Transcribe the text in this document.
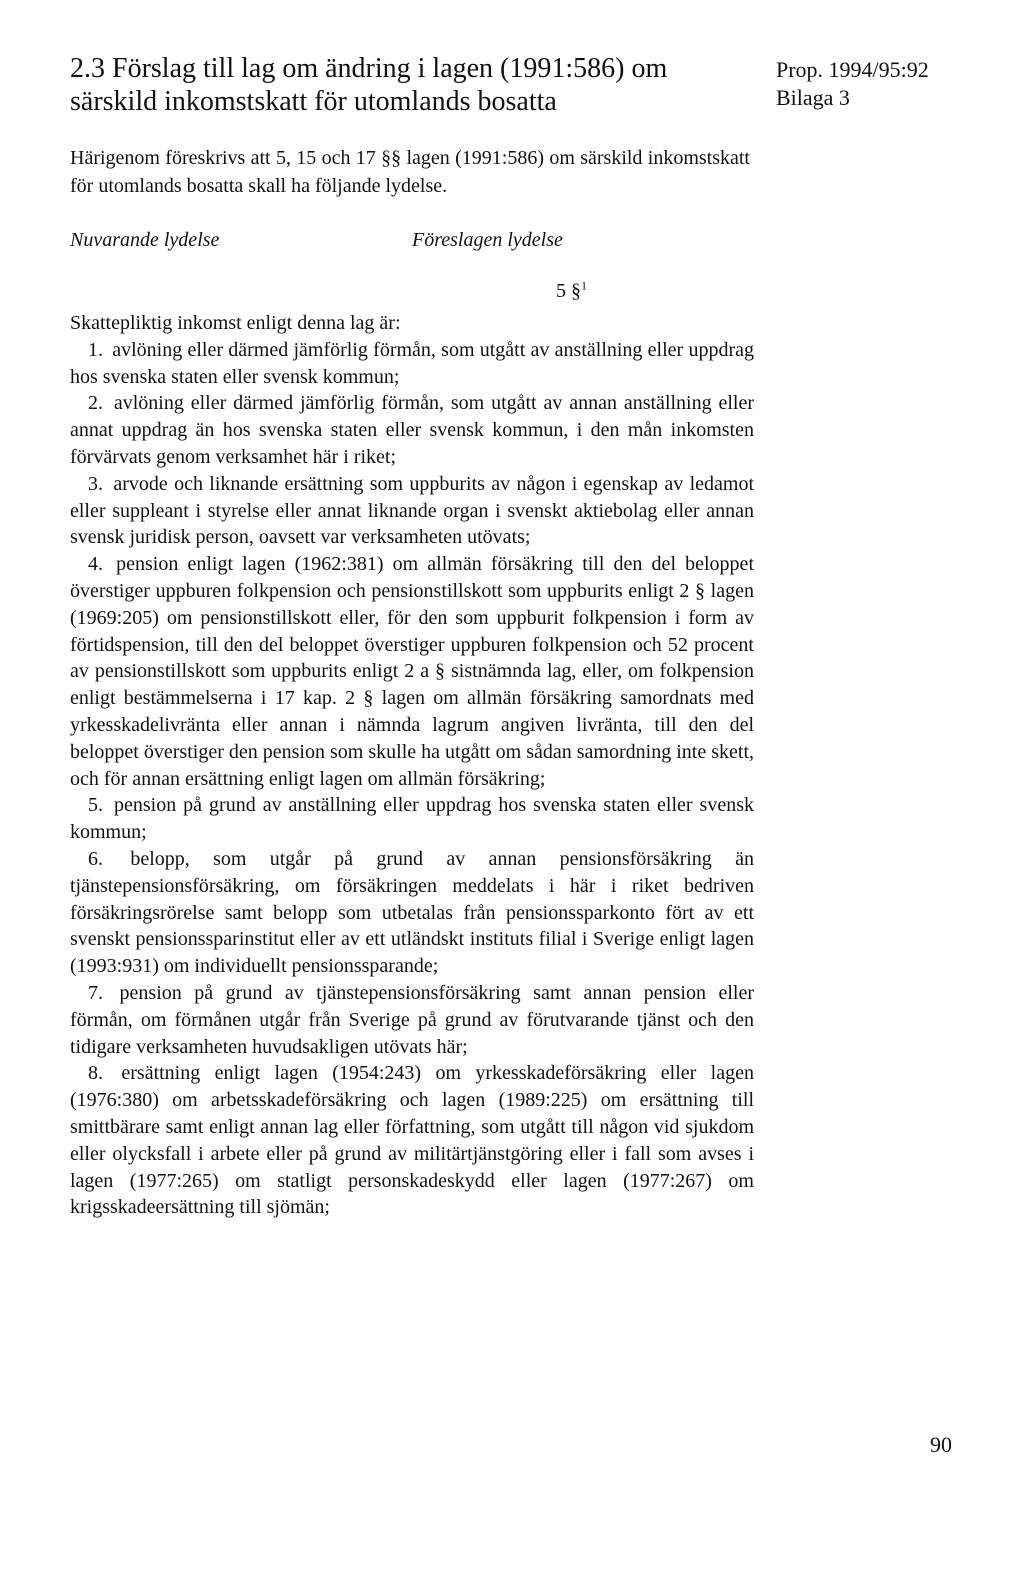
2.3 Förslag till lag om ändring i lagen (1991:586) om
särskild inkomstskatt för utomlands bosatta
Prop. 1994/95:92
Bilaga 3
Härigenom föreskrivs att 5, 15 och 17 §§ lagen (1991:586) om särskild inkomstskatt för utomlands bosatta skall ha följande lydelse.
Nuvarande lydelse	Föreslagen lydelse
5 §$^1$

Skattepliktig inkomst enligt denna lag är:

1. avlöning eller därmed jämförlig förmån, som utgått av anställning eller uppdrag hos svenska staten eller svensk kommun;

2. avlöning eller därmed jämförlig förmån, som utgått av annan anställning eller annat uppdrag än hos svenska staten eller svensk kommun, i den mån inkomsten förvärvats genom verksamhet här i riket;

3. arvode och liknande ersättning som uppburits av någon i egenskap av ledamot eller suppleant i styrelse eller annat liknande organ i svenskt aktiebolag eller annan svensk juridisk person, oavsett var verksamheten utövats;

4. pension enligt lagen (1962:381) om allmän försäkring till den del beloppet överstiger uppburen folkpension och pensionstillskott som uppburits enligt 2 § lagen (1969:205) om pensionstillskott eller, för den som uppburit folkpension i form av förtidspension, till den del beloppet överstiger uppburen folkpension och 52 procent av pensionstillskott som uppburits enligt 2 a § sistnämnda lag, eller, om folkpension enligt bestämmelserna i 17 kap. 2 § lagen om allmän försäkring samordnats med yrkesskadelivränta eller annan i nämnda lagrum angiven livränta, till den del beloppet överstiger den pension som skulle ha utgått om sådan samordning inte skett, och för annan ersättning enligt lagen om allmän försäkring;

5. pension på grund av anställning eller uppdrag hos svenska staten eller svensk kommun;

6. belopp, som utgår på grund av annan pensionsförsäkring än tjänstepensionsförsäkring, om försäkringen meddelats i här i riket bedriven försäkringsrörelse samt belopp som utbetalas från pensionssparkonto fört av ett svenskt pensionssparinstitut eller av ett utländskt instituts filial i Sverige enligt lagen (1993:931) om individuellt pensionssparande;

7. pension på grund av tjänstepensionsförsäkring samt annan pension eller förmån, om förmånen utgår från Sverige på grund av förutvarande tjänst och den tidigare verksamheten huvudsakligen utövats här;

8. ersättning enligt lagen (1954:243) om yrkesskadeförsäkring eller lagen (1976:380) om arbetsskadeförsäkring och lagen (1989:225) om ersättning till smittbärare samt enligt annan lag eller författning, som utgått till någon vid sjukdom eller olycksfall i arbete eller på grund av militärtjänstgöring eller i fall som avses i lagen (1977:265) om statligt personskadeskydd eller lagen (1977:267) om krigsskadeersättning till sjömän;

90
